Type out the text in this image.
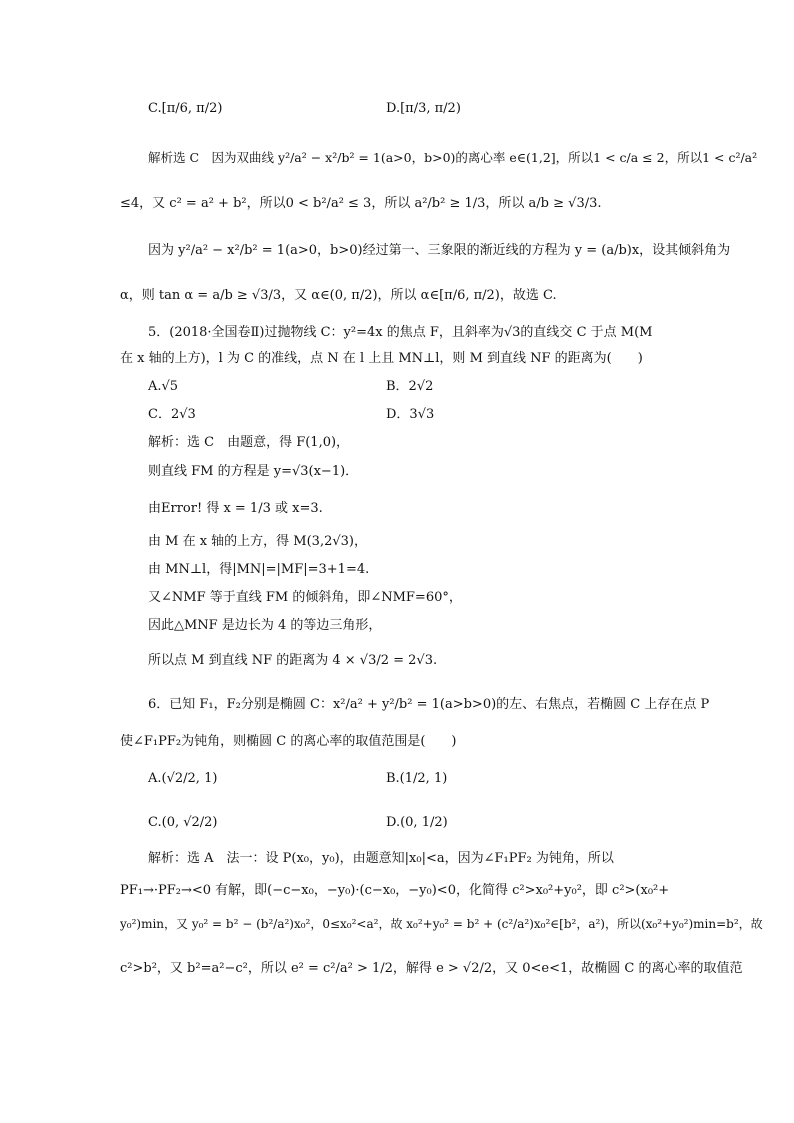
C.[π/6, π/2)	D.[π/3, π/2)
解析选 C　因为双曲线 y²/a² − x²/b² = 1(a>0，b>0)的离心率 e∈(1,2]，所以1 < c/a ≤ 2，所以1 < c²/a²
≤4，又 c² = a² + b²，所以0 < b²/a² ≤ 3，所以 a²/b² ≥ 1/3，所以 a/b ≥ √3/3.
因为 y²/a² − x²/b² = 1(a>0，b>0)经过第一、三象限的渐近线的方程为 y = (a/b)x，设其倾斜角为
α，则 tan α = a/b ≥ √3/3，又 α∈(0, π/2)，所以 α∈[π/6, π/2)，故选 C.
5．(2018·全国卷Ⅱ)过抛物线 C：y²=4x 的焦点 F，且斜率为√3的直线交 C 于点 M(M
在 x 轴的上方)，l 为 C 的准线，点 N 在 l 上且 MN⊥l，则 M 到直线 NF 的距离为(　　)
A.√5	B．2√2
C．2√3	D．3√3
解析：选 C　由题意，得 F(1,0)，
则直线 FM 的方程是 y=√3(x−1)．
由Error! 得 x = 1/3 或 x=3.
由 M 在 x 轴的上方，得 M(3,2√3)，
由 MN⊥l，得|MN|=|MF|=3+1=4.
又∠NMF 等于直线 FM 的倾斜角，即∠NMF=60°，
因此△MNF 是边长为 4 的等边三角形，
所以点 M 到直线 NF 的距离为 4 × √3/2 = 2√3.
6．已知 F₁，F₂分别是椭圆 C：x²/a² + y²/b² = 1(a>b>0)的左、右焦点，若椭圆 C 上存在点 P
使∠F₁PF₂为钝角，则椭圆 C 的离心率的取值范围是(　　)
A.(√2/2, 1)	B.(1/2, 1)
C.(0, √2/2)	D.(0, 1/2)
解析：选 A　法一：设 P(x₀，y₀)，由题意知|x₀|<a，因为∠F₁PF₂ 为钝角，所以
PF₁→·PF₂→<0 有解，即(−c−x₀，−y₀)·(c−x₀，−y₀)<0，化简得 c²>x₀²+y₀²，即 c²>(x₀²+
y₀²)min，又 y₀² = b² − (b²/a²)x₀²，0≤x₀²<a²，故 x₀²+y₀² = b² + (c²/a²)x₀²∈[b²，a²)，所以(x₀²+y₀²)min=b²，故
c²>b²，又 b²=a²−c²，所以 e² = c²/a² > 1/2，解得 e > √2/2，又 0<e<1，故椭圆 C 的离心率的取值范
